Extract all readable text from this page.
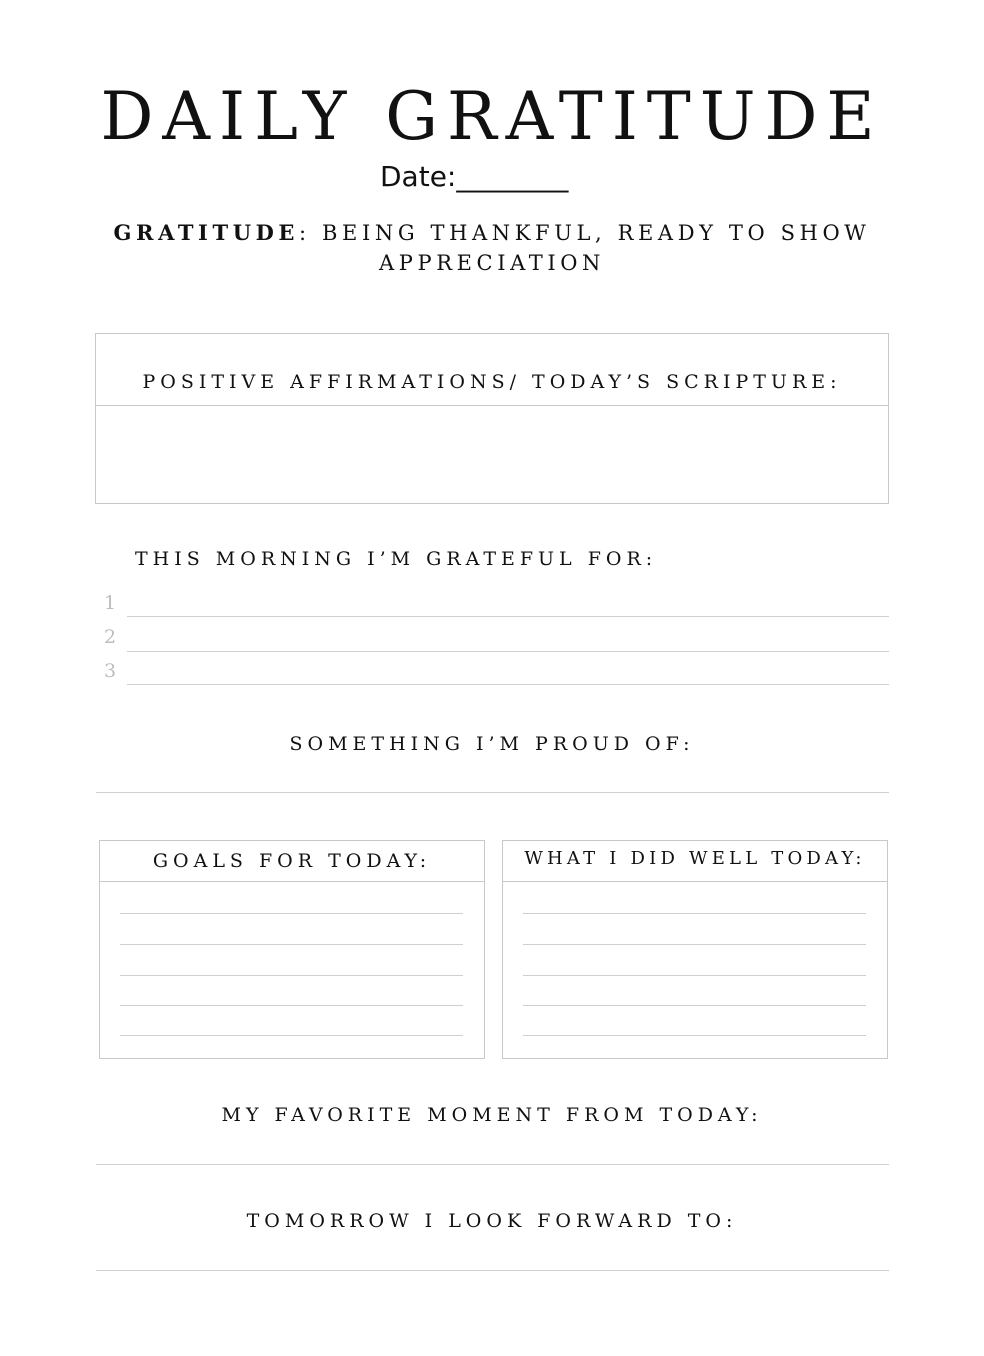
DAILY GRATITUDE
Date:________
GRATITUDE: BEING THANKFUL, READY TO SHOW APPRECIATION
POSITIVE AFFIRMATIONS/ TODAY’S SCRIPTURE:
THIS MORNING I’M GRATEFUL FOR:
1
2
3
SOMETHING I’M PROUD OF:
GOALS FOR TODAY:	WHAT I DID WELL TODAY:
MY FAVORITE MOMENT FROM TODAY:
TOMORROW I LOOK FORWARD TO:
